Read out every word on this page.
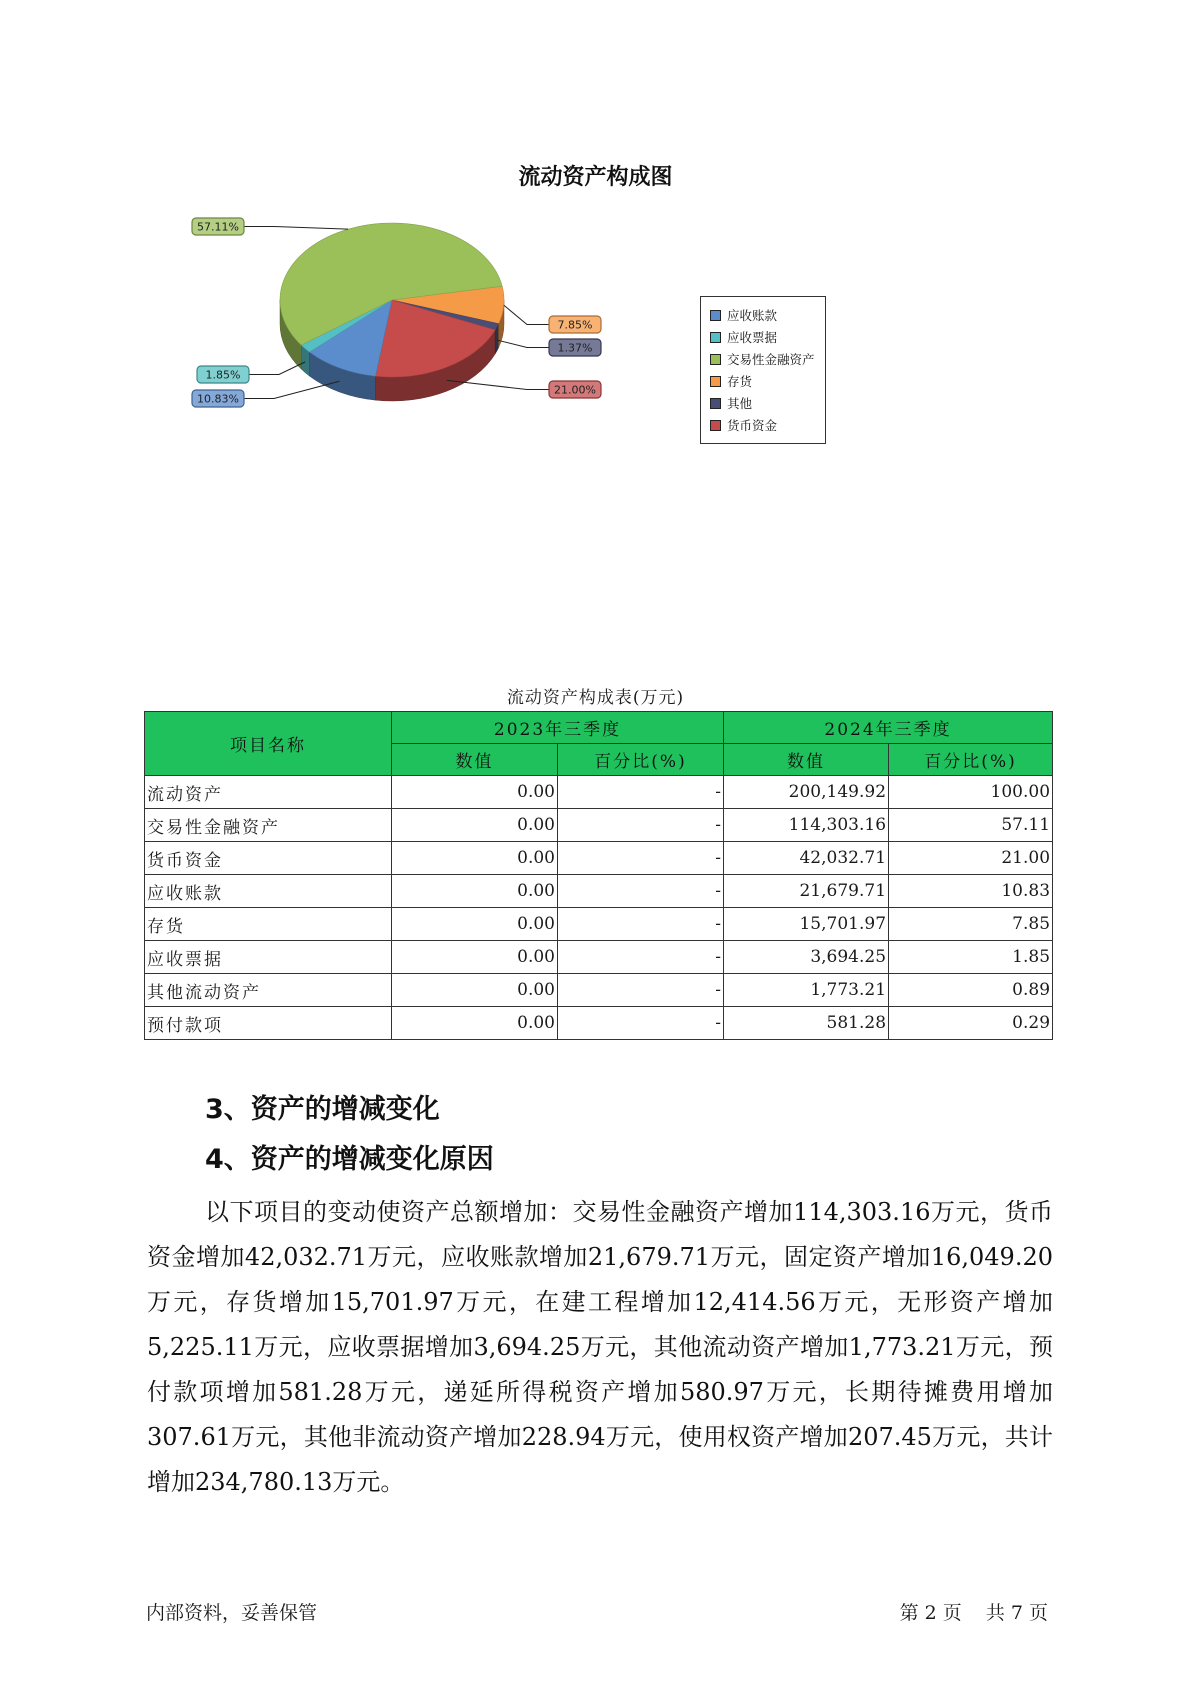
流动资产构成图
10.83%
1.85%
57.11%
7.85%
1.37%
21.00%
应收账款
应收票据
交易性金融资产
存货
其他
货币资金
流动资产构成表(万元)
项目名称	2023年三季度		2024年三季度	
	数值	百分比(%)	数值	百分比(%)
流动资产	0.00	-	200,149.92	100.00
交易性金融资产	0.00	-	114,303.16	57.11
货币资金	0.00	-	42,032.71	21.00
应收账款	0.00	-	21,679.71	10.83
存货	0.00	-	15,701.97	7.85
应收票据	0.00	-	3,694.25	1.85
其他流动资产	0.00	-	1,773.21	0.89
预付款项	0.00	-	581.28	0.29
3、资产的增减变化
4、资产的增减变化原因
以下项目的变动使资产总额增加：交易性金融资产增加114,303.16万元，货币资金增加42,032.71万元，应收账款增加21,679.71万元，固定资产增加16,049.20万元，存货增加15,701.97万元，在建工程增加12,414.56万元，无形资产增加5,225.11万元，应收票据增加3,694.25万元，其他流动资产增加1,773.21万元，预付款项增加581.28万元，递延所得税资产增加580.97万元，长期待摊费用增加307.61万元，其他非流动资产增加228.94万元，使用权资产增加207.45万元，共计增加234,780.13万元。
内部资料，妥善保管	第 2 页 共 7 页
